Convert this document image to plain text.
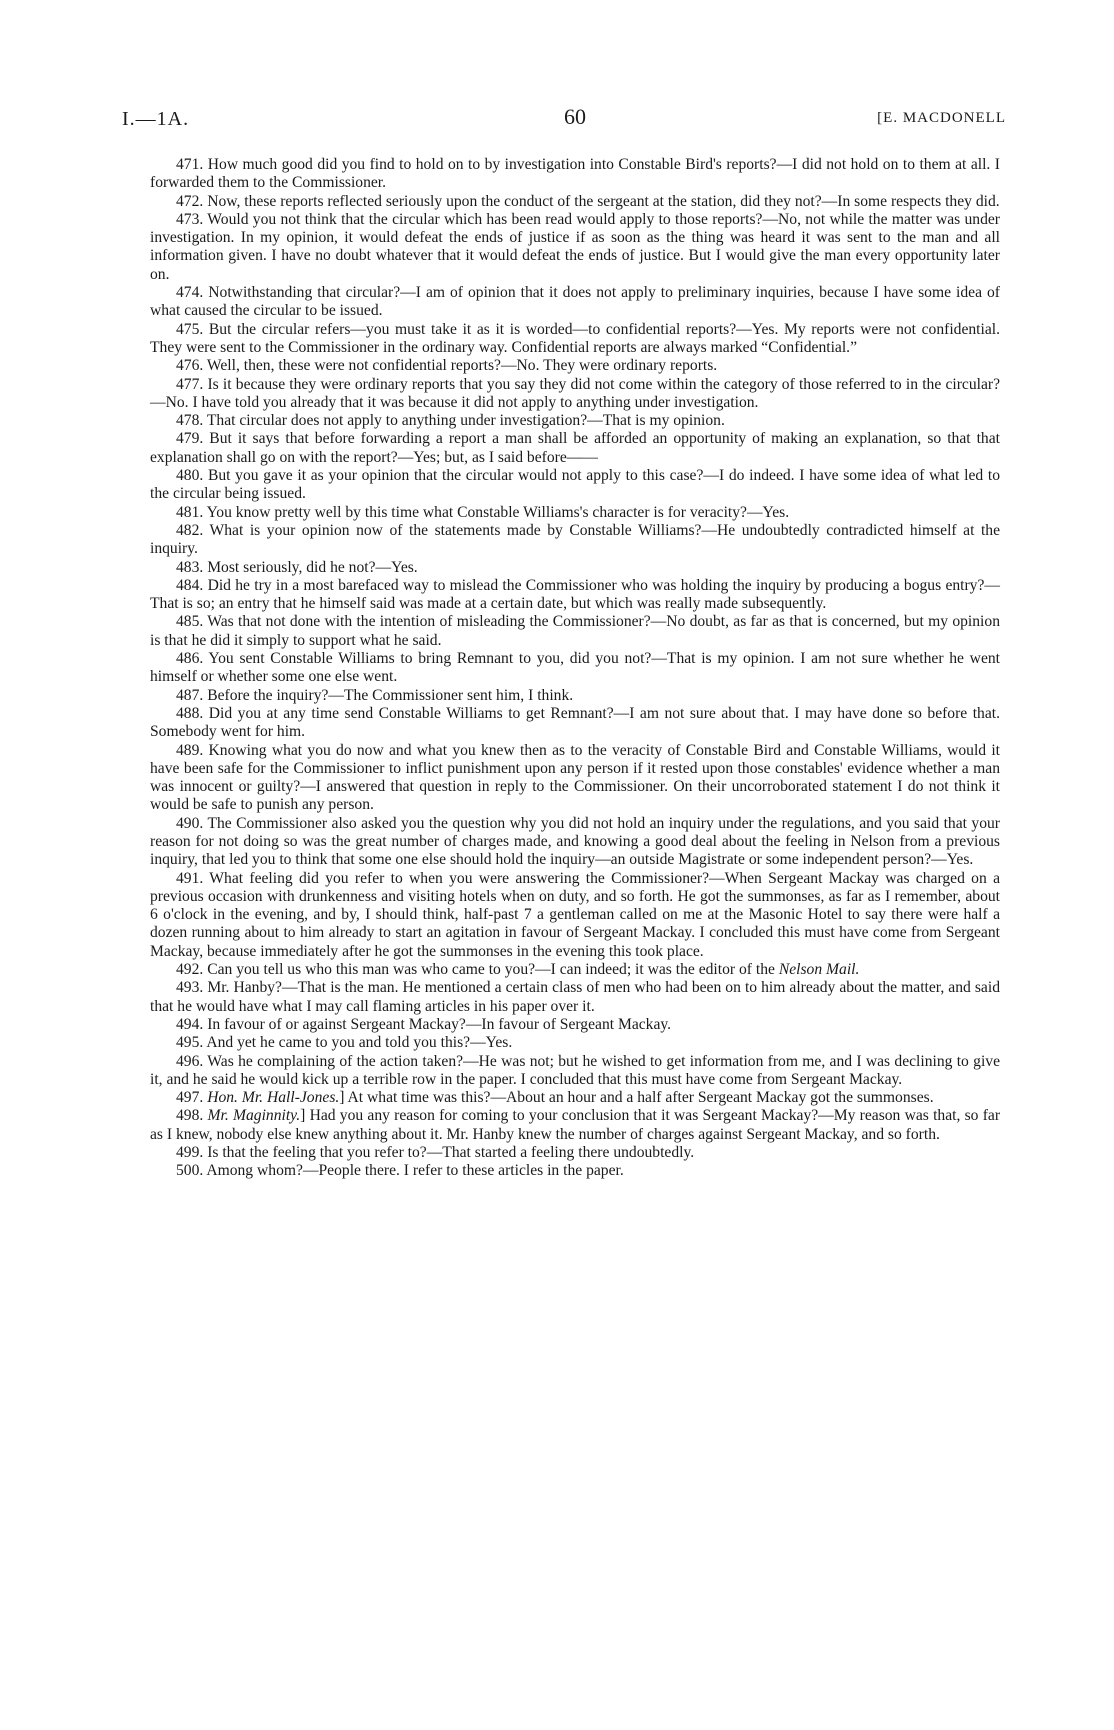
I.—1A.	60	[E. MACDONELL

471. How much good did you find to hold on to by investigation into Constable Bird's reports?—I did not hold on to them at all. I forwarded them to the Commissioner.

472. Now, these reports reflected seriously upon the conduct of the sergeant at the station, did they not?—In some respects they did.

473. Would you not think that the circular which has been read would apply to those reports?—No, not while the matter was under investigation. In my opinion, it would defeat the ends of justice if as soon as the thing was heard it was sent to the man and all information given. I have no doubt whatever that it would defeat the ends of justice. But I would give the man every opportunity later on.

474. Notwithstanding that circular?—I am of opinion that it does not apply to preliminary inquiries, because I have some idea of what caused the circular to be issued.

475. But the circular refers—you must take it as it is worded—to confidential reports?—Yes. My reports were not confidential. They were sent to the Commissioner in the ordinary way. Confidential reports are always marked “Confidential.”

476. Well, then, these were not confidential reports?—No. They were ordinary reports.

477. Is it because they were ordinary reports that you say they did not come within the category of those referred to in the circular?—No. I have told you already that it was because it did not apply to anything under investigation.

478. That circular does not apply to anything under investigation?—That is my opinion.

479. But it says that before forwarding a report a man shall be afforded an opportunity of making an explanation, so that that explanation shall go on with the report?—Yes; but, as I said before——

480. But you gave it as your opinion that the circular would not apply to this case?—I do indeed. I have some idea of what led to the circular being issued.

481. You know pretty well by this time what Constable Williams's character is for veracity?—Yes.

482. What is your opinion now of the statements made by Constable Williams?—He undoubtedly contradicted himself at the inquiry.

483. Most seriously, did he not?—Yes.

484. Did he try in a most barefaced way to mislead the Commissioner who was holding the inquiry by producing a bogus entry?—That is so; an entry that he himself said was made at a certain date, but which was really made subsequently.

485. Was that not done with the intention of misleading the Commissioner?—No doubt, as far as that is concerned, but my opinion is that he did it simply to support what he said.

486. You sent Constable Williams to bring Remnant to you, did you not?—That is my opinion. I am not sure whether he went himself or whether some one else went.

487. Before the inquiry?—The Commissioner sent him, I think.

488. Did you at any time send Constable Williams to get Remnant?—I am not sure about that. I may have done so before that. Somebody went for him.

489. Knowing what you do now and what you knew then as to the veracity of Constable Bird and Constable Williams, would it have been safe for the Commissioner to inflict punishment upon any person if it rested upon those constables' evidence whether a man was innocent or guilty?—I answered that question in reply to the Commissioner. On their uncorroborated statement I do not think it would be safe to punish any person.

490. The Commissioner also asked you the question why you did not hold an inquiry under the regulations, and you said that your reason for not doing so was the great number of charges made, and knowing a good deal about the feeling in Nelson from a previous inquiry, that led you to think that some one else should hold the inquiry—an outside Magistrate or some independent person?—Yes.

491. What feeling did you refer to when you were answering the Commissioner?—When Sergeant Mackay was charged on a previous occasion with drunkenness and visiting hotels when on duty, and so forth. He got the summonses, as far as I remember, about 6 o'clock in the evening, and by, I should think, half-past 7 a gentleman called on me at the Masonic Hotel to say there were half a dozen running about to him already to start an agitation in favour of Sergeant Mackay. I concluded this must have come from Sergeant Mackay, because immediately after he got the summonses in the evening this took place.

492. Can you tell us who this man was who came to you?—I can indeed; it was the editor of the Nelson Mail.

493. Mr. Hanby?—That is the man. He mentioned a certain class of men who had been on to him already about the matter, and said that he would have what I may call flaming articles in his paper over it.

494. In favour of or against Sergeant Mackay?—In favour of Sergeant Mackay.

495. And yet he came to you and told you this?—Yes.

496. Was he complaining of the action taken?—He was not; but he wished to get information from me, and I was declining to give it, and he said he would kick up a terrible row in the paper. I concluded that this must have come from Sergeant Mackay.

497. Hon. Mr. Hall-Jones.] At what time was this?—About an hour and a half after Sergeant Mackay got the summonses.

498. Mr. Maginnity.] Had you any reason for coming to your conclusion that it was Sergeant Mackay?—My reason was that, so far as I knew, nobody else knew anything about it. Mr. Hanby knew the number of charges against Sergeant Mackay, and so forth.

499. Is that the feeling that you refer to?—That started a feeling there undoubtedly.

500. Among whom?—People there. I refer to these articles in the paper.
